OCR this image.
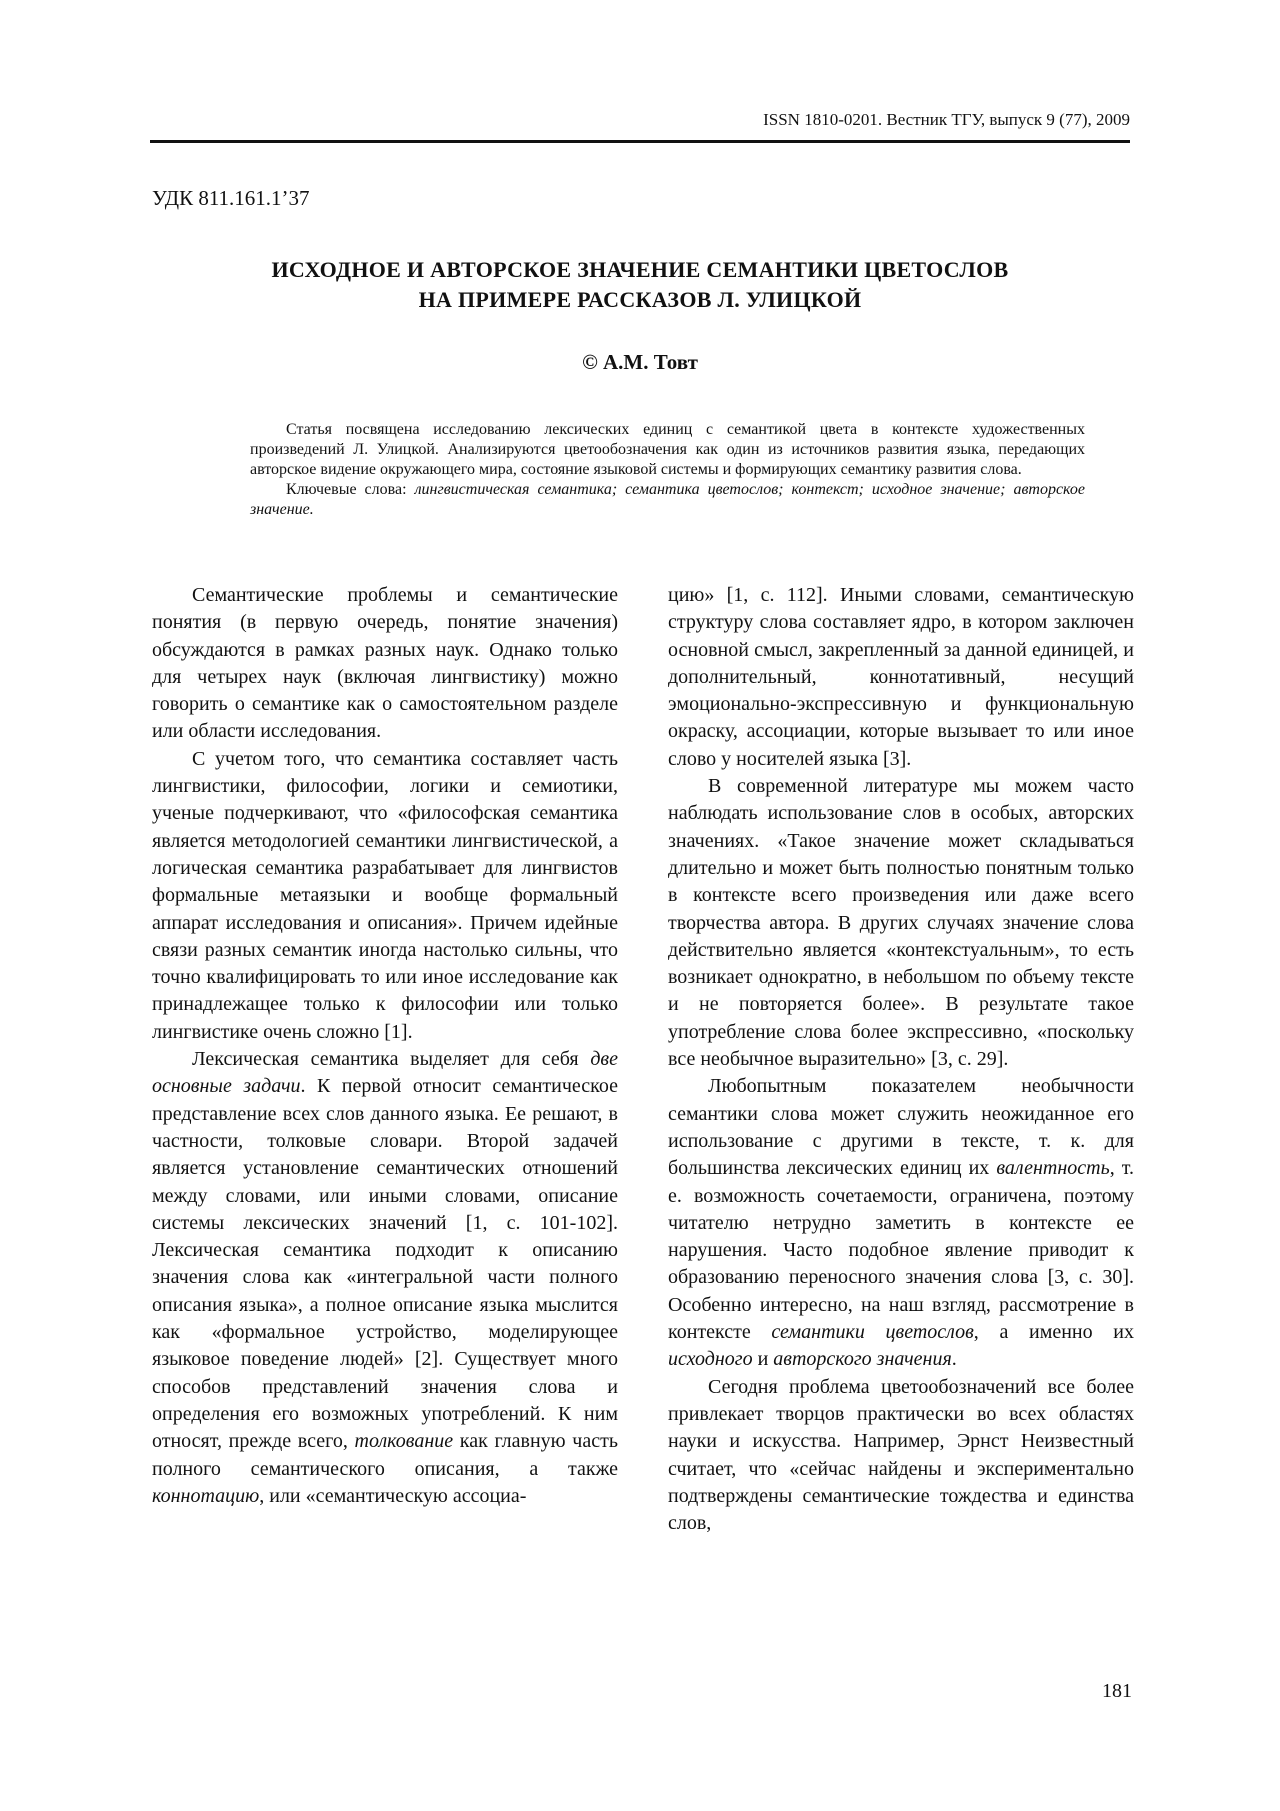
ISSN 1810-0201. Вестник ТГУ, выпуск 9 (77), 2009
УДК 811.161.1’37
ИСХОДНОЕ И АВТОРСКОЕ ЗНАЧЕНИЕ СЕМАНТИКИ ЦВЕТОСЛОВ
НА ПРИМЕРЕ РАССКАЗОВ Л. УЛИЦКОЙ
© А.М. Товт

Статья посвящена исследованию лексических единиц с семантикой цвета в контексте художественных произведений Л. Улицкой. Анализируются цветообозначения как один из источников развития языка, передающих авторское видение окружающего мира, состояние языковой системы и формирующих семантику развития слова.

Ключевые слова: лингвистическая семантика; семантика цветослов; контекст; исходное значение; авторское значение.

Семантические проблемы и семантические понятия (в первую очередь, понятие значения) обсуждаются в рамках разных наук. Однако только для четырех наук (включая лингвистику) можно говорить о семантике как о самостоятельном разделе или области исследования.

С учетом того, что семантика составляет часть лингвистики, философии, логики и семиотики, ученые подчеркивают, что «философская семантика является методологией семантики лингвистической, а логическая семантика разрабатывает для лингвистов формальные метаязыки и вообще формальный аппарат исследования и описания». Причем идейные связи разных семантик иногда настолько сильны, что точно квалифицировать то или иное исследование как принадлежащее только к философии или только лингвистике очень сложно [1].

Лексическая семантика выделяет для себя две основные задачи. К первой относит семантическое представление всех слов данного языка. Ее решают, в частности, толковые словари. Второй задачей является установление семантических отношений между словами, или иными словами, описание системы лексических значений [1, с. 101-102]. Лексическая семантика подходит к описанию значения слова как «интегральной части полного описания языка», а полное описание языка мыслится как «формальное устройство, моделирующее языковое поведение людей» [2]. Существует много способов представлений значения слова и определения его возможных употреблений. К ним относят, прежде всего, толкование как главную часть полного семантического описания, а также коннотацию, или «семантическую ассоциа-

цию» [1, с. 112]. Иными словами, семантическую структуру слова составляет ядро, в котором заключен основной смысл, закрепленный за данной единицей, и дополнительный, коннотативный, несущий эмоционально-экспрессивную и функциональную окраску, ассоциации, которые вызывает то или иное слово у носителей языка [3].

В современной литературе мы можем часто наблюдать использование слов в особых, авторских значениях. «Такое значение может складываться длительно и может быть полностью понятным только в контексте всего произведения или даже всего творчества автора. В других случаях значение слова действительно является «контекстуальным», то есть возникает однократно, в небольшом по объему тексте и не повторяется более». В результате такое употребление слова более экспрессивно, «поскольку все необычное выразительно» [3, с. 29].

Любопытным показателем необычности семантики слова может служить неожиданное его использование с другими в тексте, т. к. для большинства лексических единиц их валентность, т. е. возможность сочетаемости, ограничена, поэтому читателю нетрудно заметить в контексте ее нарушения. Часто подобное явление приводит к образованию переносного значения слова [3, с. 30]. Особенно интересно, на наш взгляд, рассмотрение в контексте семантики цветослов, а именно их исходного и авторского значения.

Сегодня проблема цветообозначений все более привлекает творцов практически во всех областях науки и искусства. Например, Эрнст Неизвестный считает, что «сейчас найдены и экспериментально подтверждены семантические тождества и единства слов,

181
